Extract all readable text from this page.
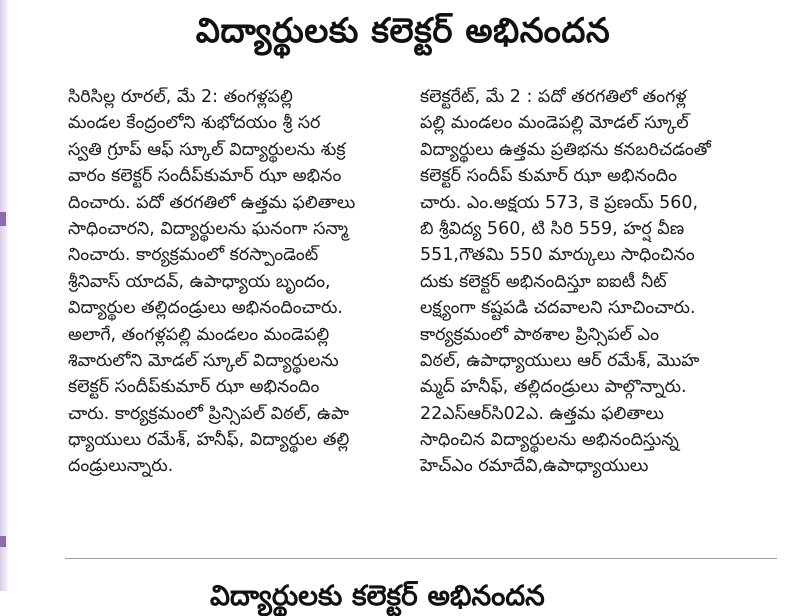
విద్యార్థులకు కలెక్టర్ అభినందన
సిరిసిల్ల రూరల్, మే 2: తంగళ్లపల్లి
మండల కేంద్రంలోని శుభోదయం శ్రీ సర
స్వతి గ్రూప్ ఆఫ్ స్కూల్ విద్యార్థులను శుక్ర
వారం కలెక్టర్ సందీప్‌కుమార్ ఝా అభినం
దించారు. పదో తరగతిలో ఉత్తమ ఫలితాలు
సాధించారని, విద్యార్థులను ఘనంగా సన్మా
నించారు. కార్యక్రమంలో కరస్పాండెంట్
శ్రీనివాస్ యాదవ్, ఉపాధ్యాయ బృందం,
విద్యార్థుల తల్లిదండ్రులు అభినందించారు.
అలాగే, తంగళ్లపల్లి మండలం మండెపల్లి
శివారులోని మోడల్ స్కూల్ విద్యార్థులను
కలెక్టర్ సందీప్‌కుమార్ ఝా అభినందిం
చారు. కార్యక్రమంలో ప్రిన్సిపల్ విఠల్, ఉపా
ధ్యాయులు రమేశ్, హనీఫ్, విద్యార్థుల తల్లి
దండ్రులున్నారు.
కలెక్టరేట్, మే 2 : పదో తరగతిలో తంగళ్ల
పల్లి మండలం మండెపల్లి మోడల్ స్కూల్
విద్యార్థులు ఉత్తమ ప్రతిభను కనబరిచడంతో
కలెక్టర్ సందీప్ కుమార్ ఝా అభినందిం
చారు. ఎం.అక్షయ 573, కె ప్రణయ్ 560,
బి శ్రీవిద్య 560, టి సిరి 559, హర్ష వీణ
551,గౌతమి 550 మార్కులు సాధించినం
దుకు కలెక్టర్ అభినందిస్తూ ఐఐటీ నీట్
లక్ష్యంగా కష్టపడి చదవాలని సూచించారు.
కార్యక్రమంలో పాఠశాల ప్రిన్సిపల్ ఎం
విఠల్, ఉపాధ్యాయులు ఆర్ రమేశ్, మొహ
మ్మద్ హనీఫ్, తల్లిదండ్రులు పాల్గొన్నారు.
22ఎస్ఆర్‌సి02ఎ. ఉత్తమ ఫలితాలు
సాధించిన విద్యార్థులను అభినందిస్తున్న
హెచ్‌ఎం రమాదేవి,ఉపాధ్యాయులు
విద్యార్థులకు కలెక్టర్ అభినందన
